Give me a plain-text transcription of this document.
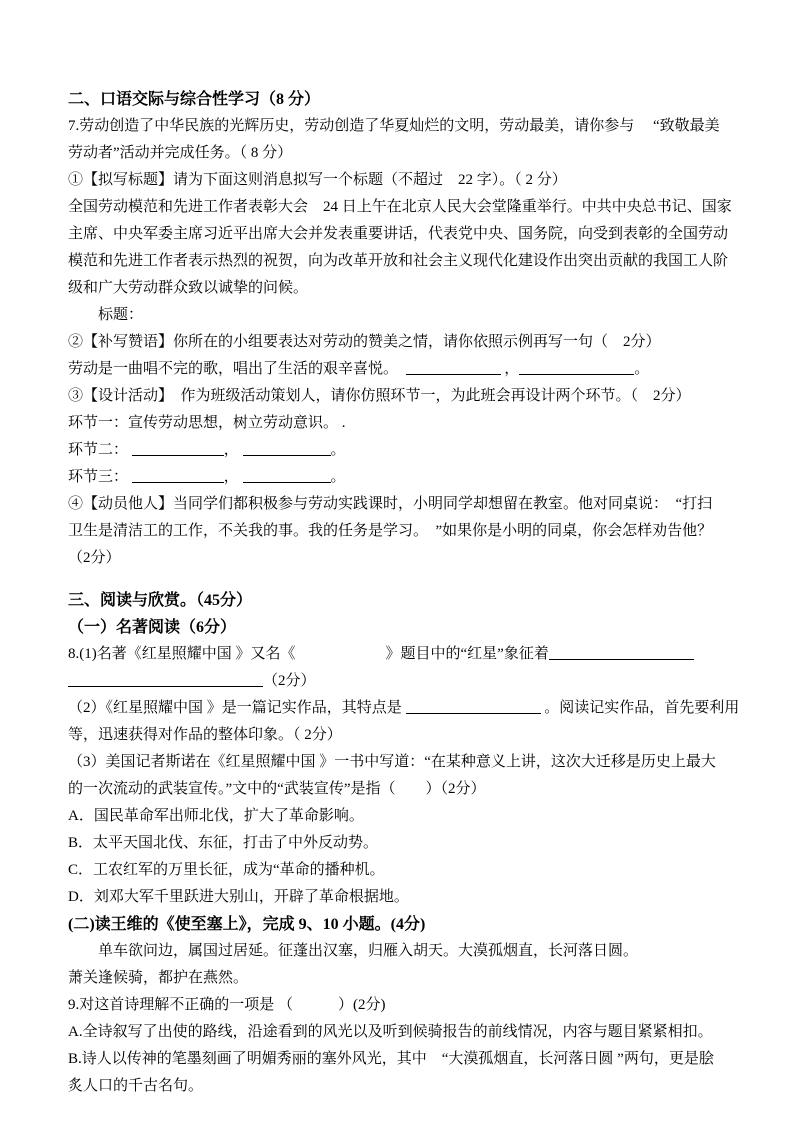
二、口语交际与综合性学习（8 分）
7.劳动创造了中华民族的光辉历史，劳动创造了华夏灿烂的文明，劳动最美，请你参与　 “致敬最美
劳动者”活动并完成任务。（ 8 分）
①【拟写标题】请为下面这则消息拟写一个标题（不超过　22 字）。（ 2 分）
全国劳动模范和先进工作者表彰大会　24 日上午在北京人民大会堂隆重举行。中共中央总书记、国家
主席、中央军委主席习近平出席大会并发表重要讲话，代表党中央、国务院，向受到表彰的全国劳动
模范和先进工作者表示热烈的祝贺，向为改革开放和社会主义现代化建设作出突出贡献的我国工人阶
级和广大劳动群众致以诚挚的问候。
　　标题：
②【补写赞语】你所在的小组要表达对劳动的赞美之情，请你依照示例再写一句（　2分）
劳动是一曲唱不完的歌，唱出了生活的艰辛喜悦。　	，	。
③【设计活动】　作为班级活动策划人，请你仿照环节一，为此班会再设计两个环节。（　2分）
环节一：宣传劳动思想，树立劳动意识。 .
环节二：	，	。
环节三：	，	。
④【动员他人】当同学们都积极参与劳动实践课时，小明同学却想留在教室。他对同桌说：　“打扫
卫生是清洁工的工作，不关我的事。我的任务是学习。　”如果你是小明的同桌，你会怎样劝告他？
（2分）
三、阅读与欣赏。（45分）
（一）名著阅读（6分）
8.(1)名著《红星照耀中国 》又名《	》题目中的“红星”象征着
（2分）
（2）《红星照耀中国 》是一篇记实作品，其特点是	。阅读记实作品，首先要利用
等，迅速获得对作品的整体印象。（ 2分）
（3）美国记者斯诺在《红星照耀中国 》一书中写道：“在某种意义上讲，这次大迁移是历史上最大
的一次流动的武装宣传。”文中的“武装宣传”是指（　　）（2分）
A．国民革命军出师北伐，扩大了革命影响。
B．太平天国北伐、东征，打击了中外反动势。
C．工农红军的万里长征，成为“革命的播种机。
D．刘邓大军千里跃进大别山，开辟了革命根据地。
(二)读王维的《使至塞上》，完成 9、10 小题。(4分)
　　单车欲问边，属国过居延。征蓬出汉塞，归雁入胡天。大漠孤烟直，长河落日圆。
萧关逢候骑，都护在燕然。
9.对这首诗理解不正确的一项是 （　　　）(2分)
A.全诗叙写了出使的路线，沿途看到的风光以及听到候骑报告的前线情况，内容与题目紧紧相扣。
B.诗人以传神的笔墨刻画了明媚秀丽的塞外风光，其中　“大漠孤烟直，长河落日圆 ”两句，更是脍
炙人口的千古名句。
